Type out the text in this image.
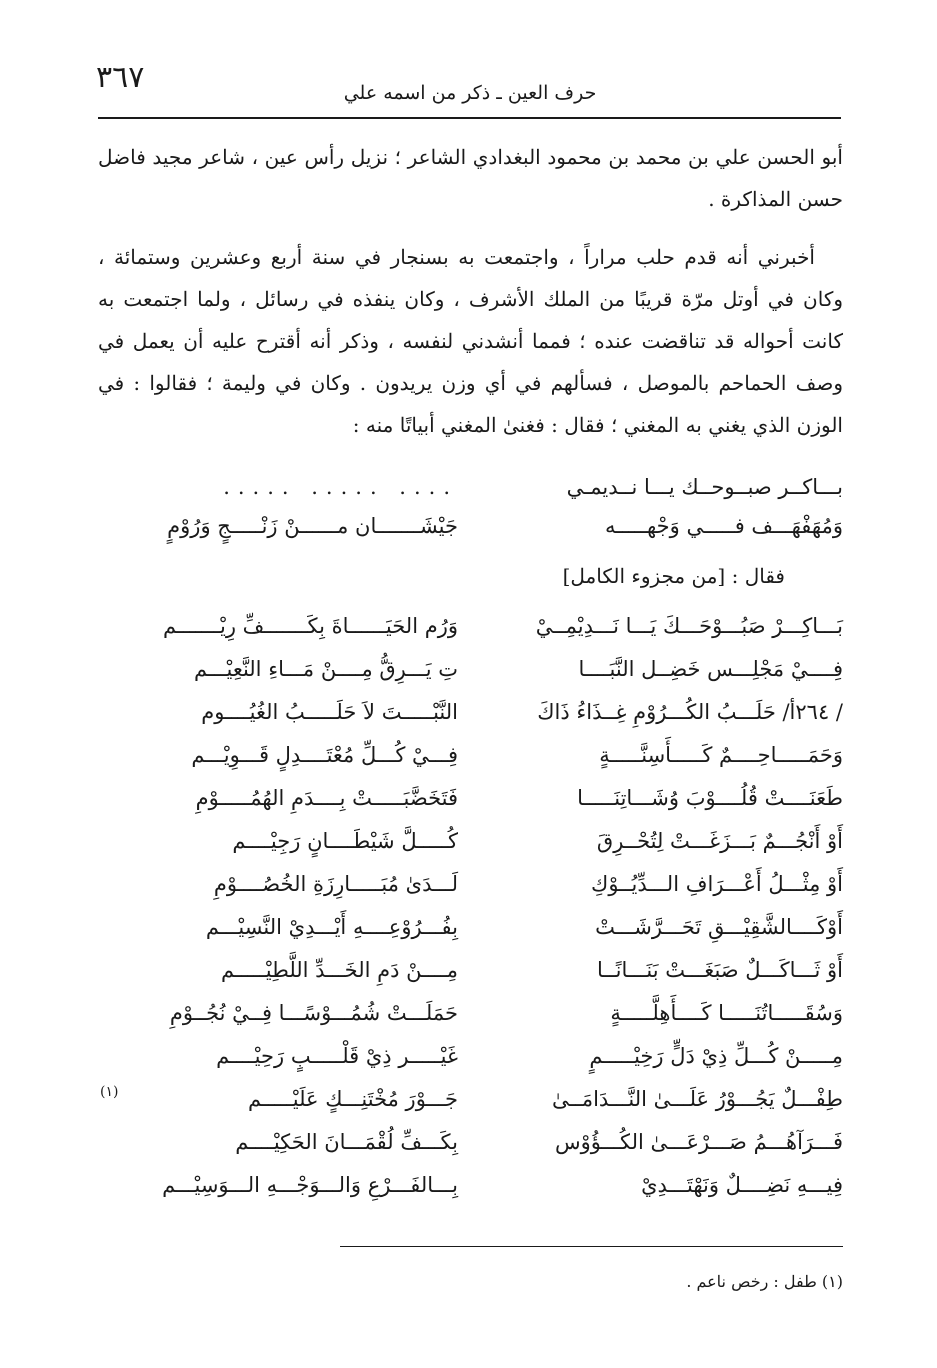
٣٦٧	حرف العين ـ ذكر من اسمه علي

أبو الحسن علي بن محمد بن محمود البغدادي الشاعر ؛ نزيل رأس عين ، شاعر مجيد فاضل حسن المذاكرة .

أخبرني أنه قدم حلب مراراً ، واجتمعت به بسنجار في سنة أربع وعشرين وستمائة ، وكان في أوتل مرّة قريبًا من الملك الأشرف ، وكان ينفذه في رسائل ، ولما اجتمعت به كانت أحواله قد تناقضت عنده ؛ فمما أنشدني لنفسه ، وذكر أنه أقترح عليه أن يعمل في وصف الحماحم بالموصل ، فسألهم في أي وزن يريدون . وكان في وليمة ؛ فقالوا : في الوزن الذي يغني به المغني ؛ فقال : فغنىٰ المغني أبياتًا منه :

بـــاكــر صبــوحــك يـــا نــديمـي
.... ..... .....
وَمُهَفْهَـــف فـــــي وَجْهـــــه
جَيْشَـــــــان مــــــنْ زَنْـــــجٍ وَرُوْمٍ
فقال : [من مجزوء الكامل]
بَـــاكِـــرْ صَبُـــوْحَـــكَ يَـــا نَـــدِيْمِــيْ
وَرُم الحَيَــــــاةَ بِكَـــــــفِّ رِيْـــــــم
فِــــيْ مَجْلِـــس خَضِــل النَّبَــــا
تِ يَـــرِقُّ مِــــنْ مَـــاءِ النَّعِيْـــم
/ ٢٦٤أ/ حَلَـــبُ الكُـــرُوْمِ غِــذَاءُ ذَاكَ
النَّبْـــــتَ لاَ حَلَـــــبُ الغُيُــــوم
وَحَمَـــــاحِــــمٌ كَـــــأَسِنَّـــــةٍ
فِـــيْ كُـــلِّ مُعْتَــــدِلٍ قَـــوِيْـــم
طَعَنَــــتْ قُلُــــوْبَ وُشَـــاتِنَـــــا
فَتَخَضَّبَـــــتْ بِــــدَمِ الهُمُـــــوْمِ
أَوْ أَنْجُـــمٌ بَـــزَغَـــتْ لِتُحْــرِقَ
كُـــــلَّ شَيْطَــــانٍ رَجِيْــــم
أَوْ مِثْـــلُ أَعْـــرَافِ الـــدِّيُــوْكِ
لَـــدَىٰ مُبَـــــارِزَةِ الخُصُــــوْمِ
أَوْكَــــالشَّقِيْـــقِ تَحَـــرَّشَـــتْ
بِفُـــرُوْعِــــهِ أَيْـــدِيْ النَّسِيْـــم
أَوْ ثَـــاكَـــلٌ صَبَغَـــتْ بَنَـــانًــا
مِــــنْ دَمِ الخَـــدِّ اللَّطِيْـــــم
وَسُقَـــــاتُنَـــــا كَــــأَهِلَّـــــةٍ
حَمَلَـــتْ شُمُـــوْسًـــا فِــيْ نُجُــوْمِ
مِـــــنْ كُـــلِّ ذِيْ دَلٍّ رَخِيْـــــمٍ
غَيْـــــر ذِيْ قَلْـــــبٍ رَحِيْــــم
طِفْـــلٌ يَجُـــوْرُ عَلَـــىٰ النَّـــدَامَــىٰ
جَـــوْرَ مُخْتَنِـــكٍ عَلَيْـــــم
(١)
فَـــرَآهُـــمُ صَـــرْعَـــىٰ الكُـــؤُوْس
بِكَـــفِّ لُقْمَـــانَ الحَكِيْــــم
فِيـــهِ نَضِــــلٌ وَنَهْتَـــدِيْ
بِـــالفَـــرْعِ وَالـــوَجْـــهِ الـــوَسِيْـــم
(١) طفل : رخص ناعم .
